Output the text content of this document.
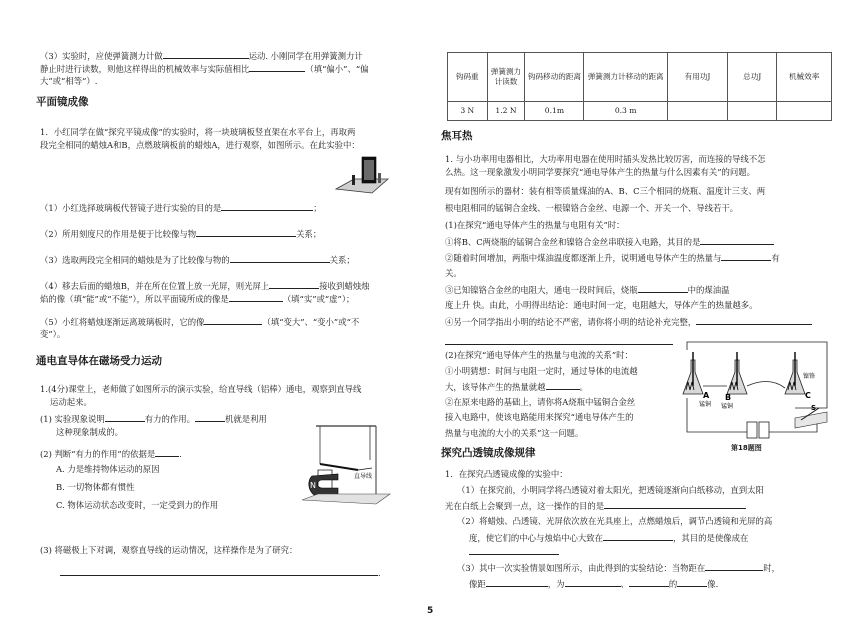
（3）实验时，应使弹簧测力计做	运动. 小刚同学在用弹簧测力计

静止时进行读数，则他这样得出的机械效率与实际值相比	（填“偏小”、“偏

大”或“相等”）.

平面镜成像

1．小红同学在做“探究平镜成像”的实验时，将一块玻璃板竖直架在水平台上，再取两

段完全相同的蜡烛A和B，点燃玻璃板前的蜡烛A，进行观察，如图所示。在此实验中：

（1）小红选择玻璃板代替镜子进行实验的目的是	；

（2）所用刻度尺的作用是便于比较像与物	关系；

（3）选取两段完全相同的蜡烛是为了比较像与物的	关系；

（4）移去后面的蜡烛B，并在所在位置上放一光屏，则光屏上	接收到蜡烛烛

焰的像（填“能”或“不能”），所以平面镜所成的像是	（填“实”或“虚”）；

（5）小红将蜡烛逐渐远离玻璃板时，它的像	（填“变大”、“变小”或“不

变”）。

通电直导体在磁场受力运动

1.(4分)课堂上，老师做了如图所示的演示实验，给直导线（铝棒）通电，观察到直导线

运动起来。

(1) 实验现象说明	有力的作用。	机就是利用

这种现象制成的。

(2) 判断“有力的作用”的依据是	.

A. 力是维持物体运动的原因

B. 一切物体都有惯性

C. 物体运动状态改变时，一定受到力的作用

N
直导线

(3) 将磁极上下对调，观察直导线的运动情况，这样操作是为了研究：

.

钩码重	弹簧测力计读数	钩码移动的距离	弹簧测力计移动的距离	有用功J	总功J	机械效率
3 N	1.2 N	0.1m	0.3 m			

焦耳热

1. 与小功率用电器相比，大功率用电器在使用时插头发热比较厉害，而连接的导线不怎

么热。这一现象激发小明同学要探究“通电导体产生的热量与什么因素有关”的问题。

现有如图所示的器材：装有相等质量煤油的A、B、C三个相同的烧瓶、温度计三支、两

根电阻相同的锰铜合金线、一根镍铬合金丝、电源一个、开关一个、导线若干。

(1)在探究“通电导体产生的热量与电阻有关”时：

①将B、C两烧瓶的锰铜合金丝和镍铬合金丝串联接入电路，其目的是

②随着时间增加，两瓶中煤油温度都逐渐上升，说明通电导体产生的热量与	有

关。

③已知镍铬合金丝的电阻大，通电一段时间后，烧瓶	中的煤油温

度上升 快。由此，小明得出结论：通电时间一定，电阻越大，导体产生的热量越多。

④另一个同学指出小明的结论不严密，请你将小明的结论补充完整，

(2)在探究“通电导体产生的热量与电流的关系”时：

①小明猜想：时间与电阻一定时，通过导体的电流越

大，该导体产生的热量就越	。

②在原来电路的基础上，请你将A烧瓶中锰铜合金丝

接入电路中，使该电路能用来探究“通电导体产生的

热量与电流的大小的关系”这一问题。

A
锰铜
B
锰铜
镍铬
C
S

第18题图

探究凸透镜成像规律

1．在探究凸透镜成像的实验中：

（1）在探究前，小明同学将凸透镜对着太阳光，把透镜逐渐向白纸移动，直到太阳

光在白纸上会聚到一点，这一操作的目的是

（2）将蜡烛、凸透镜、光屏依次放在光具座上，点燃蜡烛后，调节凸透镜和光屏的高

度，使它们的中心与烛焰中心大致在	，其目的是使像成在

（3）其中一次实验情景如图所示，由此得到的实验结论：当物距在	时，

像距	，为	、	的	像.

5
